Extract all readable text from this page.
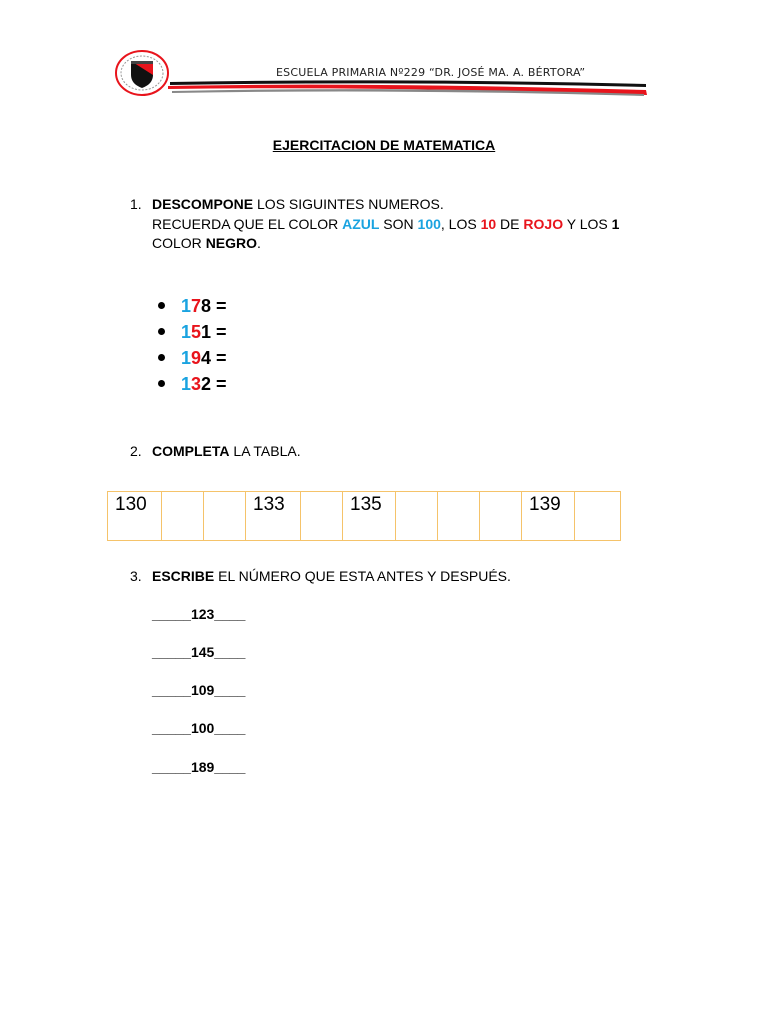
ESCUELA PRIMARIA Nº229 “DR. JOSÉ MA. A. BÉRTORA”
EJERCITACION DE MATEMATICA
1. DESCOMPONE LOS SIGUINTES NUMEROS.
RECUERDA QUE EL COLOR AZUL SON 100, LOS 10 DE ROJO Y LOS 1
COLOR NEGRO.
178 =
151 =
194 =
132 =
2. COMPLETA LA TABLA.
130			133		135				139

3. ESCRIBE EL NÚMERO QUE ESTA ANTES Y DESPUÉS.
_____123____
_____145____
_____109____
_____100____
_____189____
